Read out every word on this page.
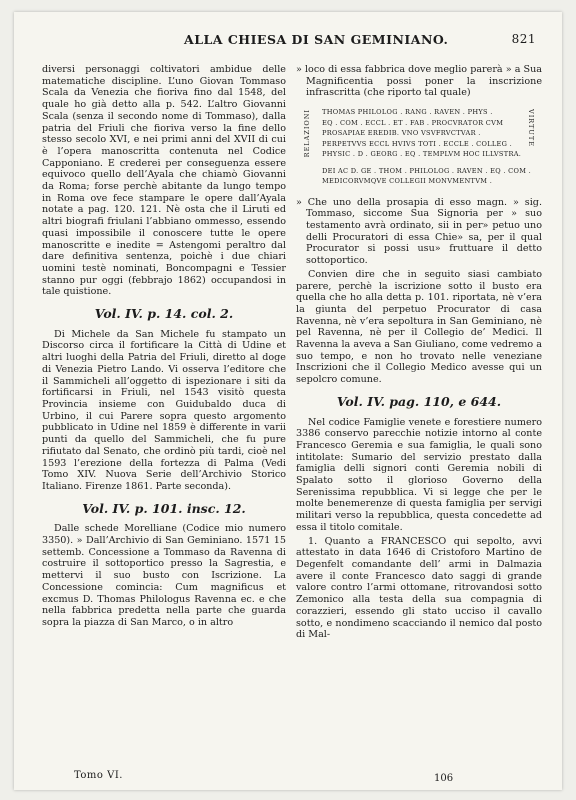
ALLA CHIESA DI SAN GEMINIANO.	821

diversi personaggi coltivatori ambidue delle matematiche discipline. L’uno Giovan Tommaso Scala da Venezia che fioriva fino dal 1548, del quale ho già detto alla p. 542. L’altro Giovanni Scala (senza il secondo nome di Tommaso), dalla patria del Friuli che fioriva verso la fine dello stesso secolo XVI, e nei primi anni del XVII di cui è l’opera manoscritta contenuta nel Codice Capponiano. E crederei per conseguenza essere equivoco quello dell’Ayala che chiamò Giovanni da Roma; forse perchè abitante da lungo tempo in Roma ove fece stampare le opere dall’Ayala notate a pag. 120. 121. Nè osta che il Liruti ed altri biografi friulani l’abbiano ommesso, essendo quasi impossibile il conoscere tutte le opere manoscritte e inedite = Astengomi peraltro dal dare definitiva sentenza, poichè i due chiari uomini testè nominati, Boncompagni e Tessier stanno pur oggi (febbrajo 1862) occupandosi in tale quistione.

Vol. IV. p. 14. col. 2.

Di Michele da San Michele fu stampato un Discorso circa il fortificare la Città di Udine et altri luoghi della Patria del Friuli, diretto al doge di Venezia Pietro Lando. Vi osserva l’editore che il Sammicheli all’oggetto di ispezionare i siti da fortificarsi in Friuli, nel 1543 visitò questa Provincia insieme con Guidubaldo duca di Urbino, il cui Parere sopra questo argomento pubblicato in Udine nel 1859 è differente in varii punti da quello del Sammicheli, che fu pure rifiutato dal Senato, che ordinò più tardi, cioè nel 1593 l’erezione della fortezza di Palma (Vedi Tomo XIV. Nuova Serie dell’Archivio Storico Italiano. Firenze 1861. Parte seconda).

Vol. IV. p. 101. insc. 12.

Dalle schede Morelliane (Codice mio numero 3350). » Dall’Archivio di San Geminiano. 1571 15 settemb. Concessione a Tommaso da Ravenna di costruire il sottoportico presso la Sagrestia, e mettervi il suo busto con Iscrizione. La Concessione comincia: Cum magnificus et excmus D. Thomas Philologus Ravenna ec. e che nella fabbrica predetta nella parte che guarda sopra la piazza di San Marco, o in altro

» loco di essa fabbrica dove meglio parerà » a Sua Magnificentia possi poner la inscrizione infrascritta (che riporto tal quale)

RELAZIONI	VIRTUTE
THOMAS PHILOLOG . RANG . RAVEN . PHYS .
EQ . COM . ECCL . ET . FAB . PROCVRATOR CVM
PROSAPIAE EREDIB. VNO VSVFRVCTVAR .
PERPETVVS ECCL HVIVS TOTI . ECCLE . COLLEG .
PHYSIC . D . GEORG . EQ . TEMPLVM HOC ILLVSTRA.
DEI AC D. GE . THOM . PHILOLOG . RAVEN . EQ . COM .
MEDICORVMQVE COLLEGII MONVMENTVM .

» Che uno della prosapia di esso magn. » sig. Tommaso, siccome Sua Signoria per » suo testamento avrà ordinato, sii in per» petuo uno delli Procuratori di essa Chie» sa, per il qual Procurator si possi usu» fruttuare il detto sottoportico.

Convien dire che in seguito siasi cambiato parere, perchè la iscrizione sotto il busto era quella che ho alla detta p. 101. riportata, nè v’era la giunta del perpetuo Procurator di casa Ravenna, nè v’era sepoltura in San Geminiano, nè pel Ravenna, nè per il Collegio de’ Medici. Il Ravenna la aveva a San Giuliano, come vedremo a suo tempo, e non ho trovato nelle veneziane Inscrizioni che il Collegio Medico avesse qui un sepolcro comune.

Vol. IV. pag. 110, e 644.

Nel codice Famiglie venete e forestiere numero 3386 conservo parecchie notizie intorno al conte Francesco Geremia e sua famiglia, le quali sono intitolate: Sumario del servizio prestato dalla famiglia delli signori conti Geremia nobili di Spalato sotto il glorioso Governo della Serenissima repubblica. Vi si legge che per le molte benemerenze di questa famiglia per servigi militari verso la repubblica, questa concedette ad essa il titolo comitale.

1. Quanto a FRANCESCO qui sepolto, avvi attestato in data 1646 di Cristoforo Martino de Degenfelt comandante dell’ armi in Dalmazia avere il conte Francesco dato saggi di grande valore contro l’armi ottomane, ritrovandosi sotto Zemonico alla testa della sua compagnia di corazzieri, essendo gli stato ucciso il cavallo sotto, e nondimeno scacciando il nemico dal posto di Mal-

Tomo VI.	106
